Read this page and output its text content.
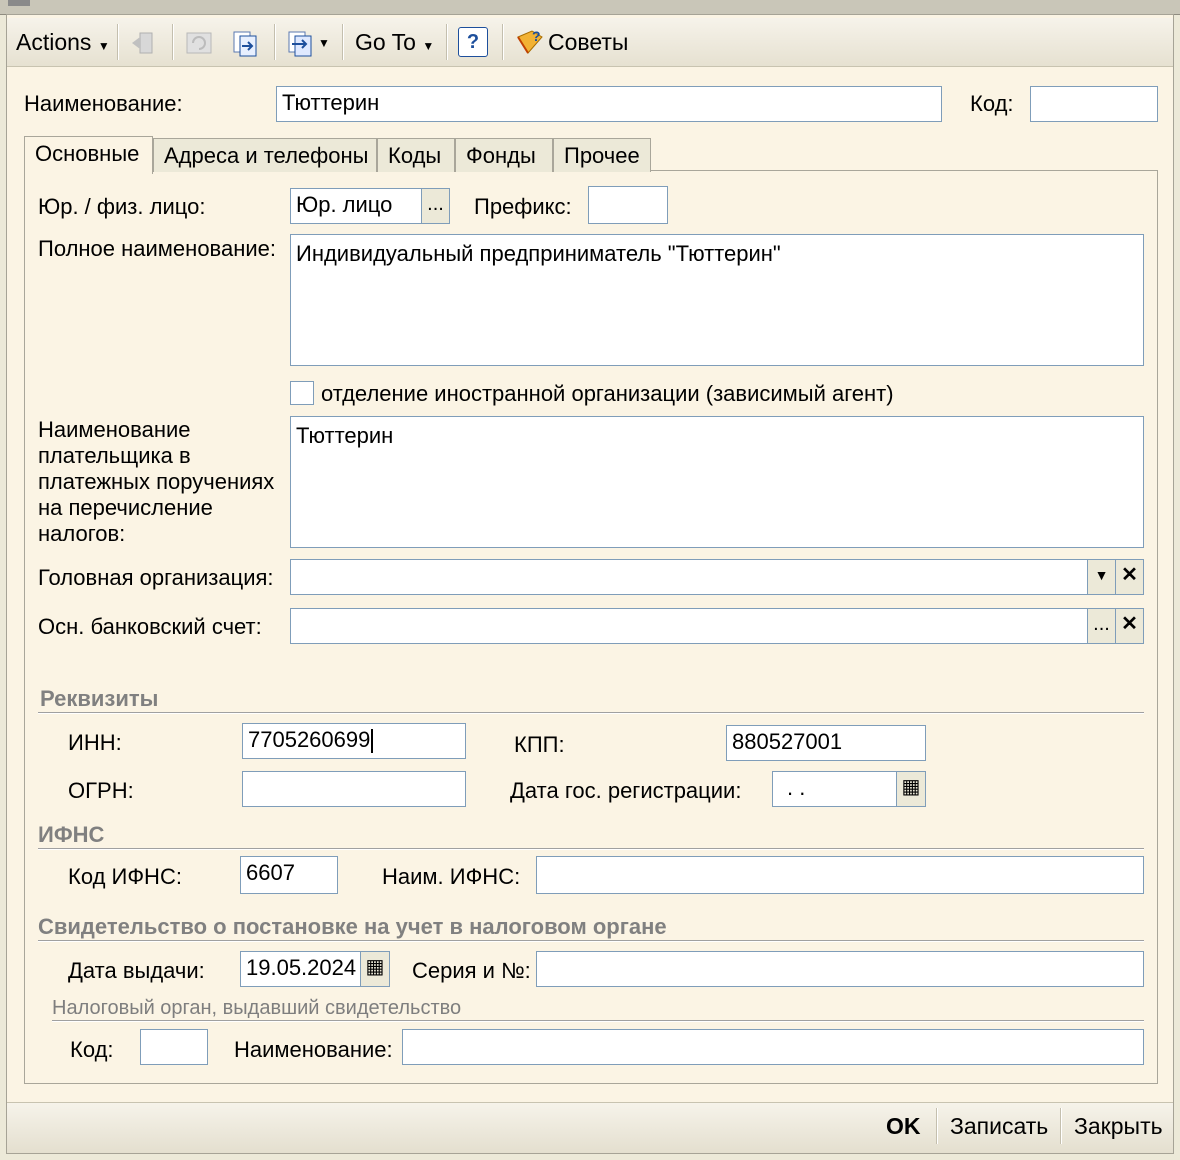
Actions ▼	▼ Go To ▼	?	? Советы
Наименование:	Тюттерин	Код:
Основные	Адреса и телефоны Коды	Фонды	Прочее
Юр. / физ. лицо:	Юр. лицо	... Префикс:
Полное наименование: Индивидуальный предприниматель "Тюттерин"
отделение иностранной организации (зависимый агент)
Наименование плательщика в платежных поручениях на перечисление налогов:
Тюттерин
Головная организация:	▼ ✕
Осн. банковский счет:	... ✕
Реквизиты
ИНН:	7705260699	КПП:	880527001
ОГРН:	Дата гос. регистрации:	. .	▦
ИФНС
Код ИФНС:	6607	Наим. ИФНС:
Свидетельство о постановке на учет в налоговом органе
Дата выдачи: 19.05.2024 ▦ Серия и №:
Налоговый орган, выдавший свидетельство
Код:	Наименование:
OK Записать Закрыть
